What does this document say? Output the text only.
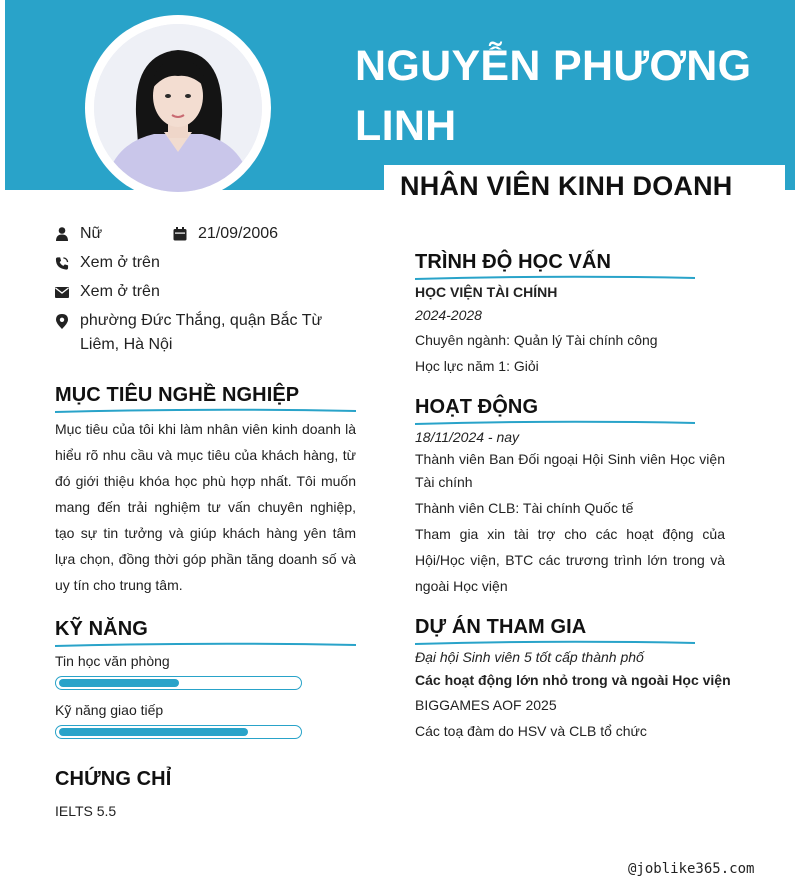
NGUYỄN PHƯƠNG
LINH
NHÂN VIÊN KINH DOANH
Nữ	21/09/2006
Xem ở trên
Xem ở trên
phường Đức Thắng, quận Bắc Từ
Liêm, Hà Nội
MỤC TIÊU NGHỀ NGHIỆP
Mục tiêu của tôi khi làm nhân viên kinh doanh là hiểu rõ nhu cầu và mục tiêu của khách hàng, từ đó giới thiệu khóa học phù hợp nhất. Tôi muốn mang đến trải nghiệm tư vấn chuyên nghiệp, tạo sự tin tưởng và giúp khách hàng yên tâm lựa chọn, đồng thời góp phần tăng doanh số và uy tín cho trung tâm.
KỸ NĂNG
Tin học văn phòng
Kỹ năng giao tiếp
CHỨNG CHỈ
IELTS 5.5
TRÌNH ĐỘ HỌC VẤN
HỌC VIỆN TÀI CHÍNH
2024-2028
Chuyên ngành: Quản lý Tài chính công
Học lực năm 1: Giỏi
HOẠT ĐỘNG
18/11/2024 - nay
Thành viên Ban Đối ngoại Hội Sinh viên Học viện Tài chính
Thành viên CLB: Tài chính Quốc tế
Tham gia xin tài trợ cho các hoạt động của Hội/Học viện, BTC các trương trình lớn trong và ngoài Học viện
DỰ ÁN THAM GIA
Đại hội Sinh viên 5 tốt cấp thành phố
Các hoạt động lớn nhỏ trong và ngoài Học viện
BIGGAMES AOF 2025
Các toạ đàm do HSV và CLB tổ chức
@joblike365.com
